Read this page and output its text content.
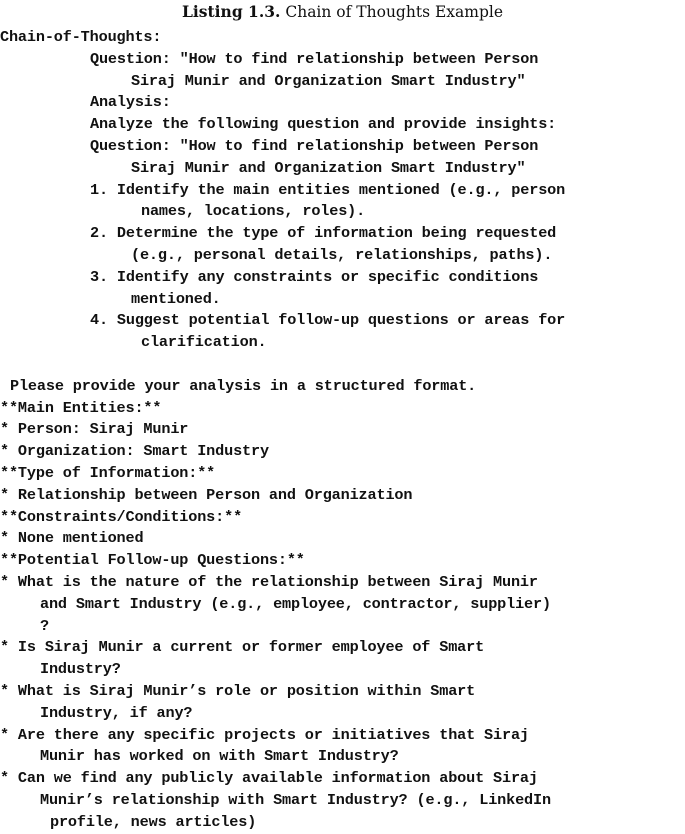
Listing 1.3. Chain of Thoughts Example
Chain-of-Thoughts:
Question: "How to find relationship between Person
Siraj Munir and Organization Smart Industry"
Analysis:
Analyze the following question and provide insights:
Question: "How to find relationship between Person
Siraj Munir and Organization Smart Industry"
1. Identify the main entities mentioned (e.g., person
names, locations, roles).
2. Determine the type of information being requested
(e.g., personal details, relationships, paths).
3. Identify any constraints or specific conditions
mentioned.
4. Suggest potential follow-up questions or areas for
clarification.
Please provide your analysis in a structured format.
**Main Entities:**
* Person: Siraj Munir
* Organization: Smart Industry
**Type of Information:**
* Relationship between Person and Organization
**Constraints/Conditions:**
* None mentioned
**Potential Follow-up Questions:**
* What is the nature of the relationship between Siraj Munir
and Smart Industry (e.g., employee, contractor, supplier)
?
* Is Siraj Munir a current or former employee of Smart
Industry?
* What is Siraj Munir’s role or position within Smart
Industry, if any?
* Are there any specific projects or initiatives that Siraj
Munir has worked on with Smart Industry?
* Can we find any publicly available information about Siraj
Munir’s relationship with Smart Industry? (e.g., LinkedIn
profile, news articles)
